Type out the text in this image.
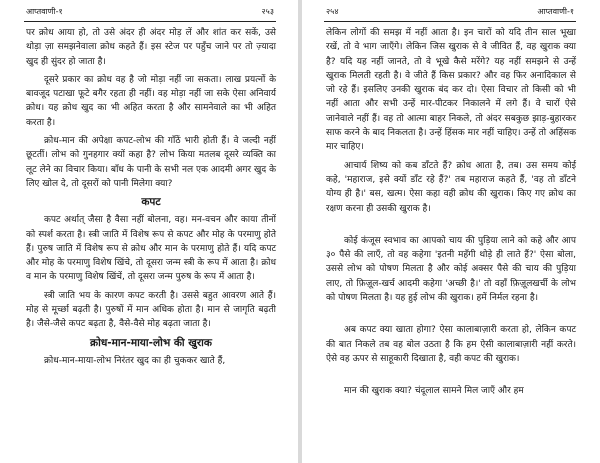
आप्तवाणी-१	२५३

पर क्रोध आया हो, तो उसे अंदर ही अंदर मोड़ लें और शांत कर सकें, उसे थोड़ा ज़ा समझनेवाला क्रोध कहते हैं। इस स्टेज पर पहुँच जाने पर तो ज़्यादा खुद ही सुंदर हो जाता है।

दूसरे प्रकार का क्रोध वह है जो मोड़ा नहीं जा सकता। लाख प्रयत्नों के बावजूद पटाखा फूटे बगैर रहता ही नहीं। वह मोड़ा नहीं जा सके ऐसा अनिवार्य क्रोध। यह क्रोध खुद का भी अहित करता है और सामनेवाले का भी अहित करता है।

क्रोध-मान की अपेक्षा कपट-लोभ की गाँठें भारी होती हैं। वे जल्दी नहीं छूटतीं। लोभ को गुनहगार क्यों कहा है? लोभ किया मतलब दूसरे व्यक्ति का लूट लेने का विचार किया। बाँध के पानी के सभी नल एक आदमी अगर खुद के लिए खोल दे, तो दूसरों को पानी मिलेगा क्या?

कपट

कपट अर्थात् जैसा है वैसा नहीं बोलना, वह। मन-वचन और काया तीनों को स्पर्श करता है। स्त्री जाति में विशेष रूप से कपट और मोह के परमाणु होते हैं। पुरुष जाति में विशेष रूप से क्रोध और मान के परमाणु होते हैं। यदि कपट और मोह के परमाणु विशेष खिंचे, तो दूसरा जन्म स्त्री के रूप में आता है। क्रोध व मान के परमाणु विशेष खिंचें, तो दूसरा जन्म पुरुष के रूप में आता है।

स्त्री जाति भय के कारण कपट करती है। उससे बहुत आवरण आते हैं। मोह से मूर्च्छा बढ़ती है। पुरुषों में मान अधिक होता है। मान से जागृति बढ़ती है। जैसे-जैसे कपट बढ़ता है, वैसे-वैसे मोह बढ़ता जाता है।

क्रोध-मान-माया-लोभ की खुराक

क्रोध-मान-माया-लोभ निरंतर खुद का ही चुककर खाते हैं,

२५४	आप्तवाणी-१

लेकिन लोगों की समझ में नहीं आता है। इन चारों को यदि तीन साल भूखा रखें, तो वे भाग जाएँगे। लेकिन जिस खुराक से वे जीवित हैं, वह खुराक क्या है? यदि यह नहीं जानते, तो वे भूखे कैसे मरेंगे? यह नहीं समझने से उन्हें खुराक मिलती रहती है। वे जीते हैं किस प्रकार? और वह फिर अनादिकाल से जो रहे हैं। इसलिए उनकी खुराक बंद कर दो। ऐसा विचार तो किसी को भी नहीं आता और सभी उन्हें मार-पीटकर निकालने में लगे हैं। वे चारों ऐसे जानेवाले नहीं हैं। वह तो आत्मा बाहर निकले, तो अंदर सबकुछ झाड़-बुहारकर साफ करने के बाद निकलता है। उन्हें हिंसक मार नहीं चाहिए। उन्हें तो अहिंसक मार चाहिए।

आचार्य शिष्य को कब डाँटते हैं? क्रोध आता है, तब। उस समय कोई कहे, 'महाराज, इसे क्यों डाँट रहे हैं?' तब महाराज कहते हैं, 'वह तो डाँटने योग्य ही है।' बस, खत्म। ऐसा कहा वही क्रोध की खुराक। किए गए क्रोध का रक्षण करना ही उसकी खुराक है।

कोई कंजूस स्वभाव का आपको चाय की पुड़िया लाने को कहे और आप ३० पैसे की लाएँ, तो वह कहेगा 'इतनी महँगी थोड़े ही लाते हैं?' ऐसा बोला, उससे लोभ को पोषण मिलता है और कोई अक्सर पैसे की चाय की पुड़िया लाए, तो फ़िज़ूल-खर्च आदमी कहेगा 'अच्छी है।' तो वहाँ फ़िज़ूलखर्ची के लोभ को पोषण मिलता है। यह हुई लोभ की खुराक। हमें निर्मल रहना है।

अब कपट क्या खाता होगा? ऐसा कालाबाज़ारी करता हो, लेकिन कपट की बात निकले तब वह बोल उठता है कि हम ऐसी कालाबाज़ारी नहीं करते। ऐसे वह ऊपर से साहूकारी दिखाता है, वही कपट की खुराक।

मान की खुराक क्या? चंदूलाल सामने मिल जाएँ और हम
